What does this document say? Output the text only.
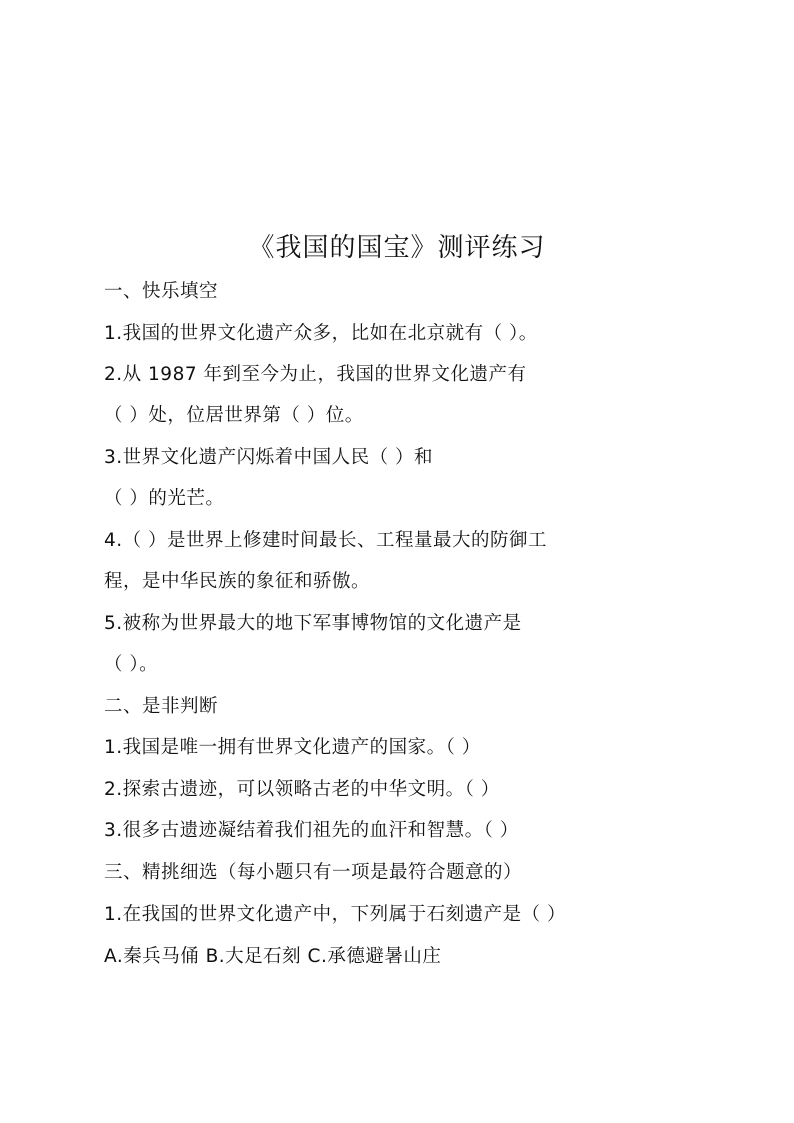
《我国的国宝》测评练习
一、快乐填空
1.我国的世界文化遗产众多，比如在北京就有（ ）。
2.从 1987 年到至今为止，我国的世界文化遗产有
（ ）处，位居世界第（ ）位。
3.世界文化遗产闪烁着中国人民（ ）和
（ ）的光芒。
4.（ ）是世界上修建时间最长、工程量最大的防御工
程，是中华民族的象征和骄傲。
5.被称为世界最大的地下军事博物馆的文化遗产是
（ ）。
二、是非判断
1.我国是唯一拥有世界文化遗产的国家。（ ）
2.探索古遗迹，可以领略古老的中华文明。（ ）
3.很多古遗迹凝结着我们祖先的血汗和智慧。（ ）
三、精挑细选（每小题只有一项是最符合题意的）
1.在我国的世界文化遗产中，下列属于石刻遗产是（ ）
A.秦兵马俑 B.大足石刻 C.承德避暑山庄
